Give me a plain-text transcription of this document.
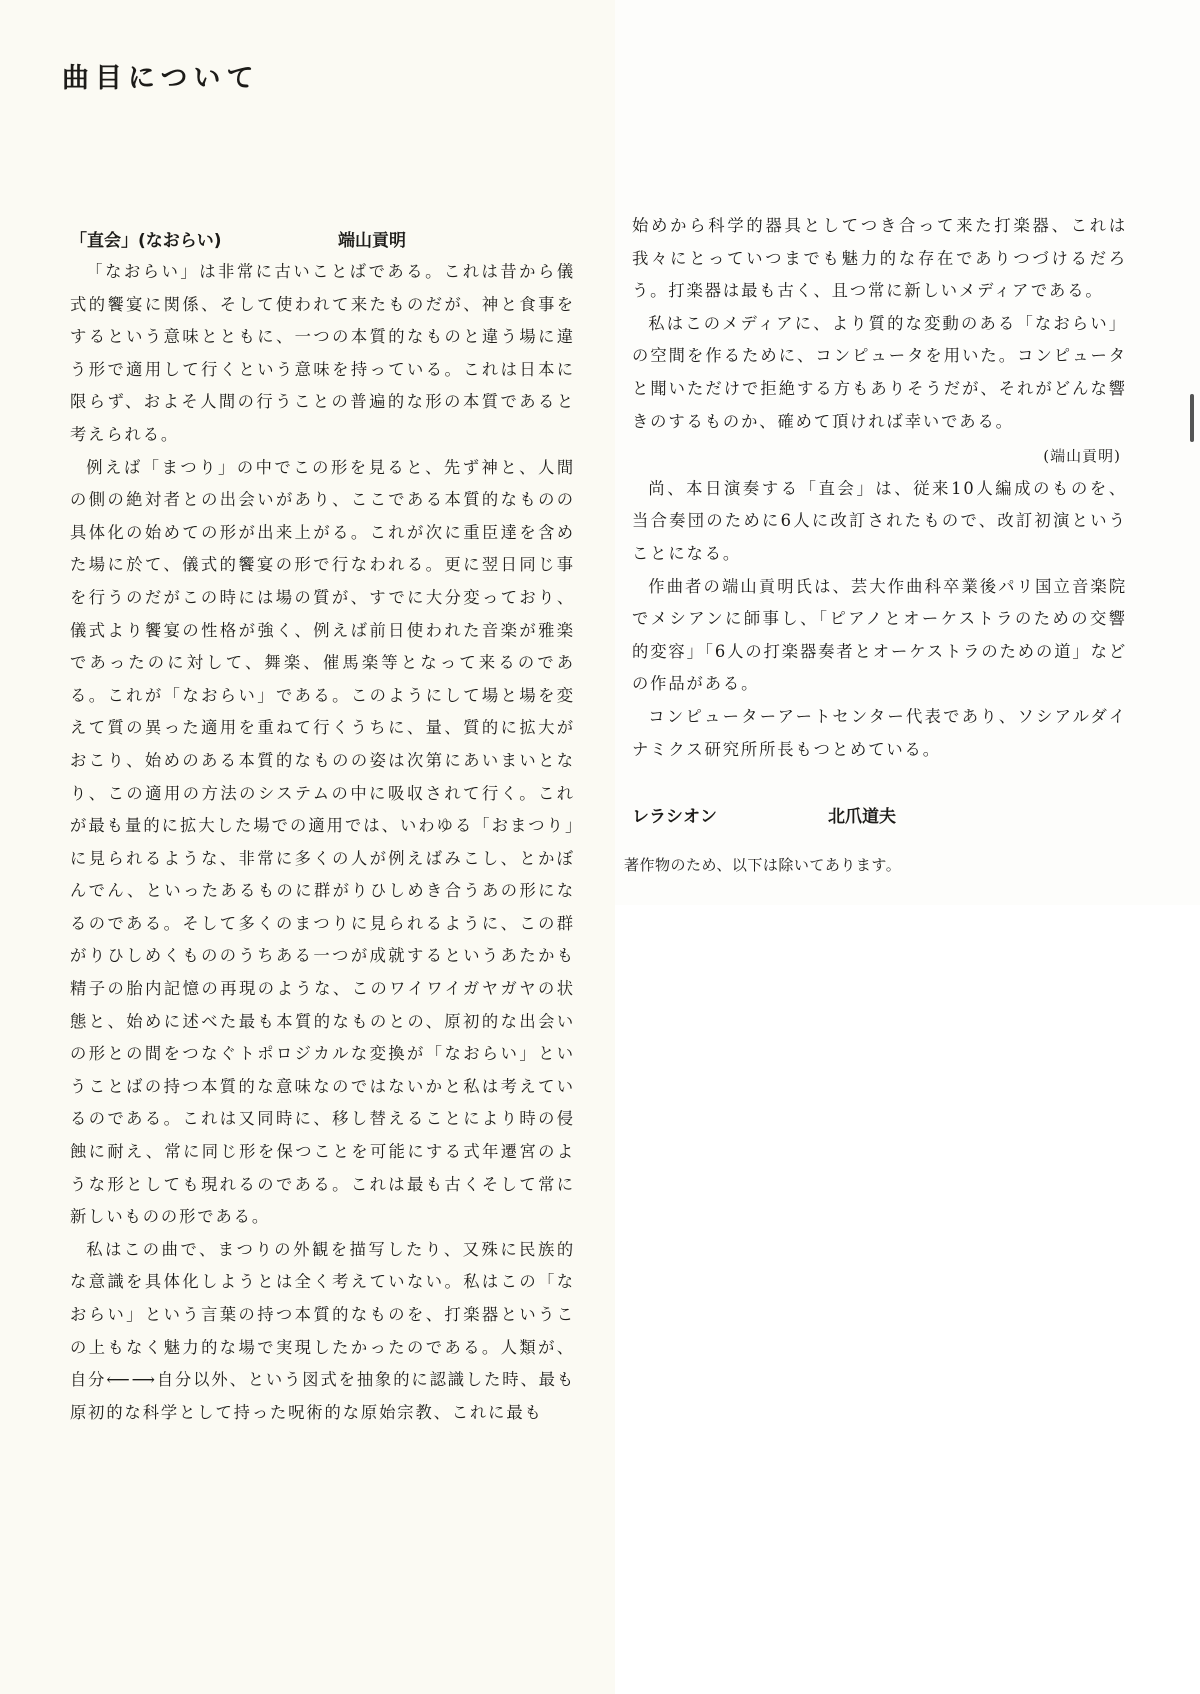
曲目について
「直会」(なおらい)	端山貢明

「なおらい」は非常に古いことばである。これは昔から儀式的饗宴に関係、そして使われて来たものだが、神と食事をするという意味とともに、一つの本質的なものと違う場に違う形で適用して行くという意味を持っている。これは日本に限らず、およそ人間の行うことの普遍的な形の本質であると考えられる。

例えば「まつり」の中でこの形を見ると、先ず神と、人間の側の絶対者との出会いがあり、ここである本質的なものの具体化の始めての形が出来上がる。これが次に重臣達を含めた場に於て、儀式的饗宴の形で行なわれる。更に翌日同じ事を行うのだがこの時には場の質が、すでに大分変っており、儀式より饗宴の性格が強く、例えば前日使われた音楽が雅楽であったのに対して、舞楽、催馬楽等となって来るのである。これが「なおらい」である。このようにして場と場を変えて質の異った適用を重ねて行くうちに、量、質的に拡大がおこり、始めのある本質的なものの姿は次第にあいまいとなり、この適用の方法のシステムの中に吸収されて行く。これが最も量的に拡大した場での適用では、いわゆる「おまつり」に見られるような、非常に多くの人が例えばみこし、とかぼんでん、といったあるものに群がりひしめき合うあの形になるのである。そして多くのまつりに見られるように、この群がりひしめくもののうちある一つが成就するというあたかも精子の胎内記憶の再現のような、このワイワイガヤガヤの状態と、始めに述べた最も本質的なものとの、原初的な出会いの形との間をつなぐトポロジカルな変換が「なおらい」ということばの持つ本質的な意味なのではないかと私は考えているのである。これは又同時に、移し替えることにより時の侵蝕に耐え、常に同じ形を保つことを可能にする式年遷宮のような形としても現れるのである。これは最も古くそして常に新しいものの形である。

私はこの曲で、まつりの外観を描写したり、又殊に民族的な意識を具体化しようとは全く考えていない。私はこの「なおらい」という言葉の持つ本質的なものを、打楽器というこの上もなく魅力的な場で実現したかったのである。人類が、自分⟵⟶自分以外、という図式を抽象的に認識した時、最も原初的な科学として持った呪術的な原始宗教、これに最も

始めから科学的器具としてつき合って来た打楽器、これは我々にとっていつまでも魅力的な存在でありつづけるだろう。打楽器は最も古く、且つ常に新しいメディアである。

私はこのメディアに、より質的な変動のある「なおらい」の空間を作るために、コンピュータを用いた。コンピュータと聞いただけで拒絶する方もありそうだが、それがどんな響きのするものか、確めて頂ければ幸いである。

(端山貢明)

尚、本日演奏する「直会」は、従来10人編成のものを、当合奏団のために6人に改訂されたもので、改訂初演ということになる。

作曲者の端山貢明氏は、芸大作曲科卒業後パリ国立音楽院でメシアンに師事し、「ピアノとオーケストラのための交響的変容」「6人の打楽器奏者とオーケストラのための道」などの作品がある。

コンピューターアートセンター代表であり、ソシアルダイナミクス研究所所長もつとめている。

レラシオン	北爪道夫
著作物のため、以下は除いてあります。
